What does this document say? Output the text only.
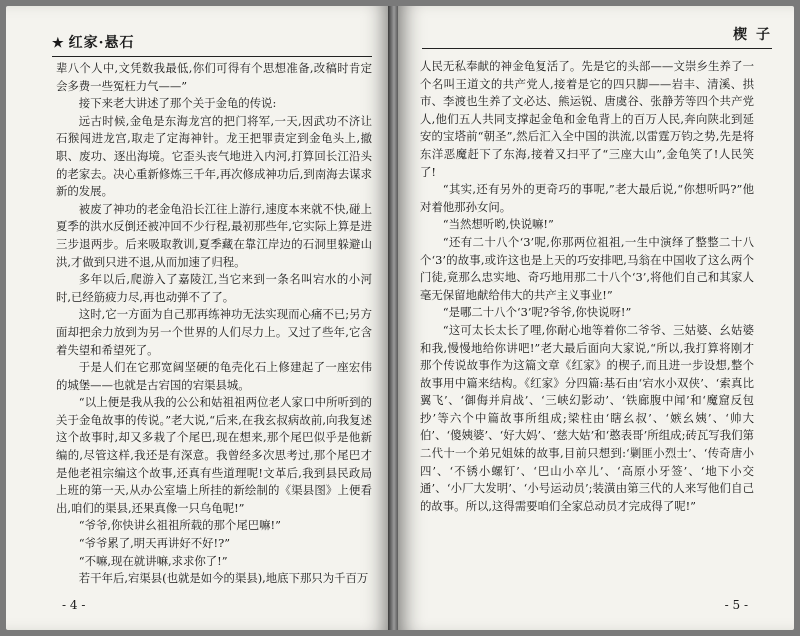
★ 红家·悬石

辈八个人中,文凭数我最低,你们可得有个思想准备,改稿时肯定会多费一些冤枉力气——”

接下来老大讲述了那个关于金龟的传说:

远古时候,金龟是东海龙宫的把门将军,一天,因武功不济让石猴闯进龙宫,取走了定海神针。龙王把罪责定到金龟头上,撤职、废功、逐出海境。它歪头丧气地进入内河,打算回长江沿头的老家去。决心重新修炼三千年,再次修成神功后,到南海去谋求新的发展。

被废了神功的老金龟沿长江往上游行,速度本来就不快,碰上夏季的洪水反倒还被冲回不少行程,最初那些年,它实际上算是进三步退两步。后来吸取教训,夏季藏在靠江岸边的石洞里躲避山洪,才做到只进不退,从而加速了归程。

多年以后,爬游入了嘉陵江,当它来到一条名叫宕水的小河时,已经筋疲力尽,再也动弹不了了。

这时,它一方面为自己那再练神功无法实现而心痛不已;另方面却把余力放到为另一个世界的人们尽力上。又过了些年,它含着失望和希望死了。

于是人们在它那宽阔坚硬的龟壳化石上修建起了一座宏伟的城堡——也就是古宕国的宕渠县城。

“以上便是我从我的公公和姑祖祖两位老人家口中所听到的关于金龟故事的传说。”老大说,“后来,在我玄叔病故前,向我复述这个故事时,却又多栽了个尾巴,现在想来,那个尾巴似乎是他新编的,尽管这样,我还是有深意。我曾经多次思考过,那个尾巴才是他老祖宗编这个故事,还真有些道理呢!文革后,我到县民政局上班的第一天,从办公室墙上所挂的新绘制的《渠县图》上便看出,咱们的渠县,还果真像一只乌龟呢!”

“爷爷,你快讲幺祖祖所载的那个尾巴嘛!”

“爷爷累了,明天再讲好不好!?”

“不嘛,现在就讲嘛,求求你了!”

若干年后,宕渠县(也就是如今的渠县),地底下那只为千百万

- 4 -
楔 子

人民无私奉献的神金龟复活了。先是它的头部——文崇乡生养了一个名叫王道文的共产党人,接着是它的四只脚——岩丰、清溪、拱市、李渡也生养了文必达、熊运锐、唐虞谷、张静芳等四个共产党人,他们五人共同支撑起金龟和金龟背上的百万人民,奔向陕北到延安的宝塔前“朝圣”,然后汇入全中国的洪流,以雷霆万钧之势,先是将东洋恶魔赶下了东海,接着又扫平了“三座大山”,金龟笑了!人民笑了!

“其实,还有另外的更奇巧的事呢,”老大最后说,“你想听吗?”他对着他那孙女问。

“当然想听哟,快说嘛!”

“还有二十八个‘3’呢,你那两位祖祖,一生中演绎了整整二十八个‘3’的故事,或许这也是上天的巧安排吧,马翁在中国收了这么两个门徒,竟那么忠实地、奇巧地用那二十八个‘3’,将他们自己和其家人毫无保留地献给伟大的共产主义事业!”

“是哪二十八个‘3’呢?爷爷,你快说呀!”

“这可太长太长了哩,你耐心地等着你二爷爷、三姑婆、幺姑婆和我,慢慢地给你讲吧!”老大最后面向大家说,“所以,我打算将刚才那个传说故事作为这篇文章《红家》的楔子,而且进一步设想,整个故事用中篇来结构。《红家》分四篇:基石由‘宕水小双侠’、‘索真比翼飞’、‘御侮并肩战’、‘三峡幻影动’、‘铁廊腹中闻’和‘魔窟反包抄’等六个中篇故事所组成;梁柱由‘瞎幺叔’、‘嫉幺姨’、‘帅大伯’、‘傻姨婆’、‘好大妈’、‘慈大姑’和‘憨表哥’所组成;砖瓦写我们第二代十一个弟兄姐妹的故事,目前只想到:‘剿匪小烈士’、‘传奇唐小四’、‘不锈小螺钉’、‘巴山小卒儿’、‘高原小牙签’、‘地下小交通’、‘小厂大发明’、‘小号运动员’;装潢由第三代的人来写他们自己的故事。所以,这得需要咱们全家总动员才完成得了呢!”

- 5 -
